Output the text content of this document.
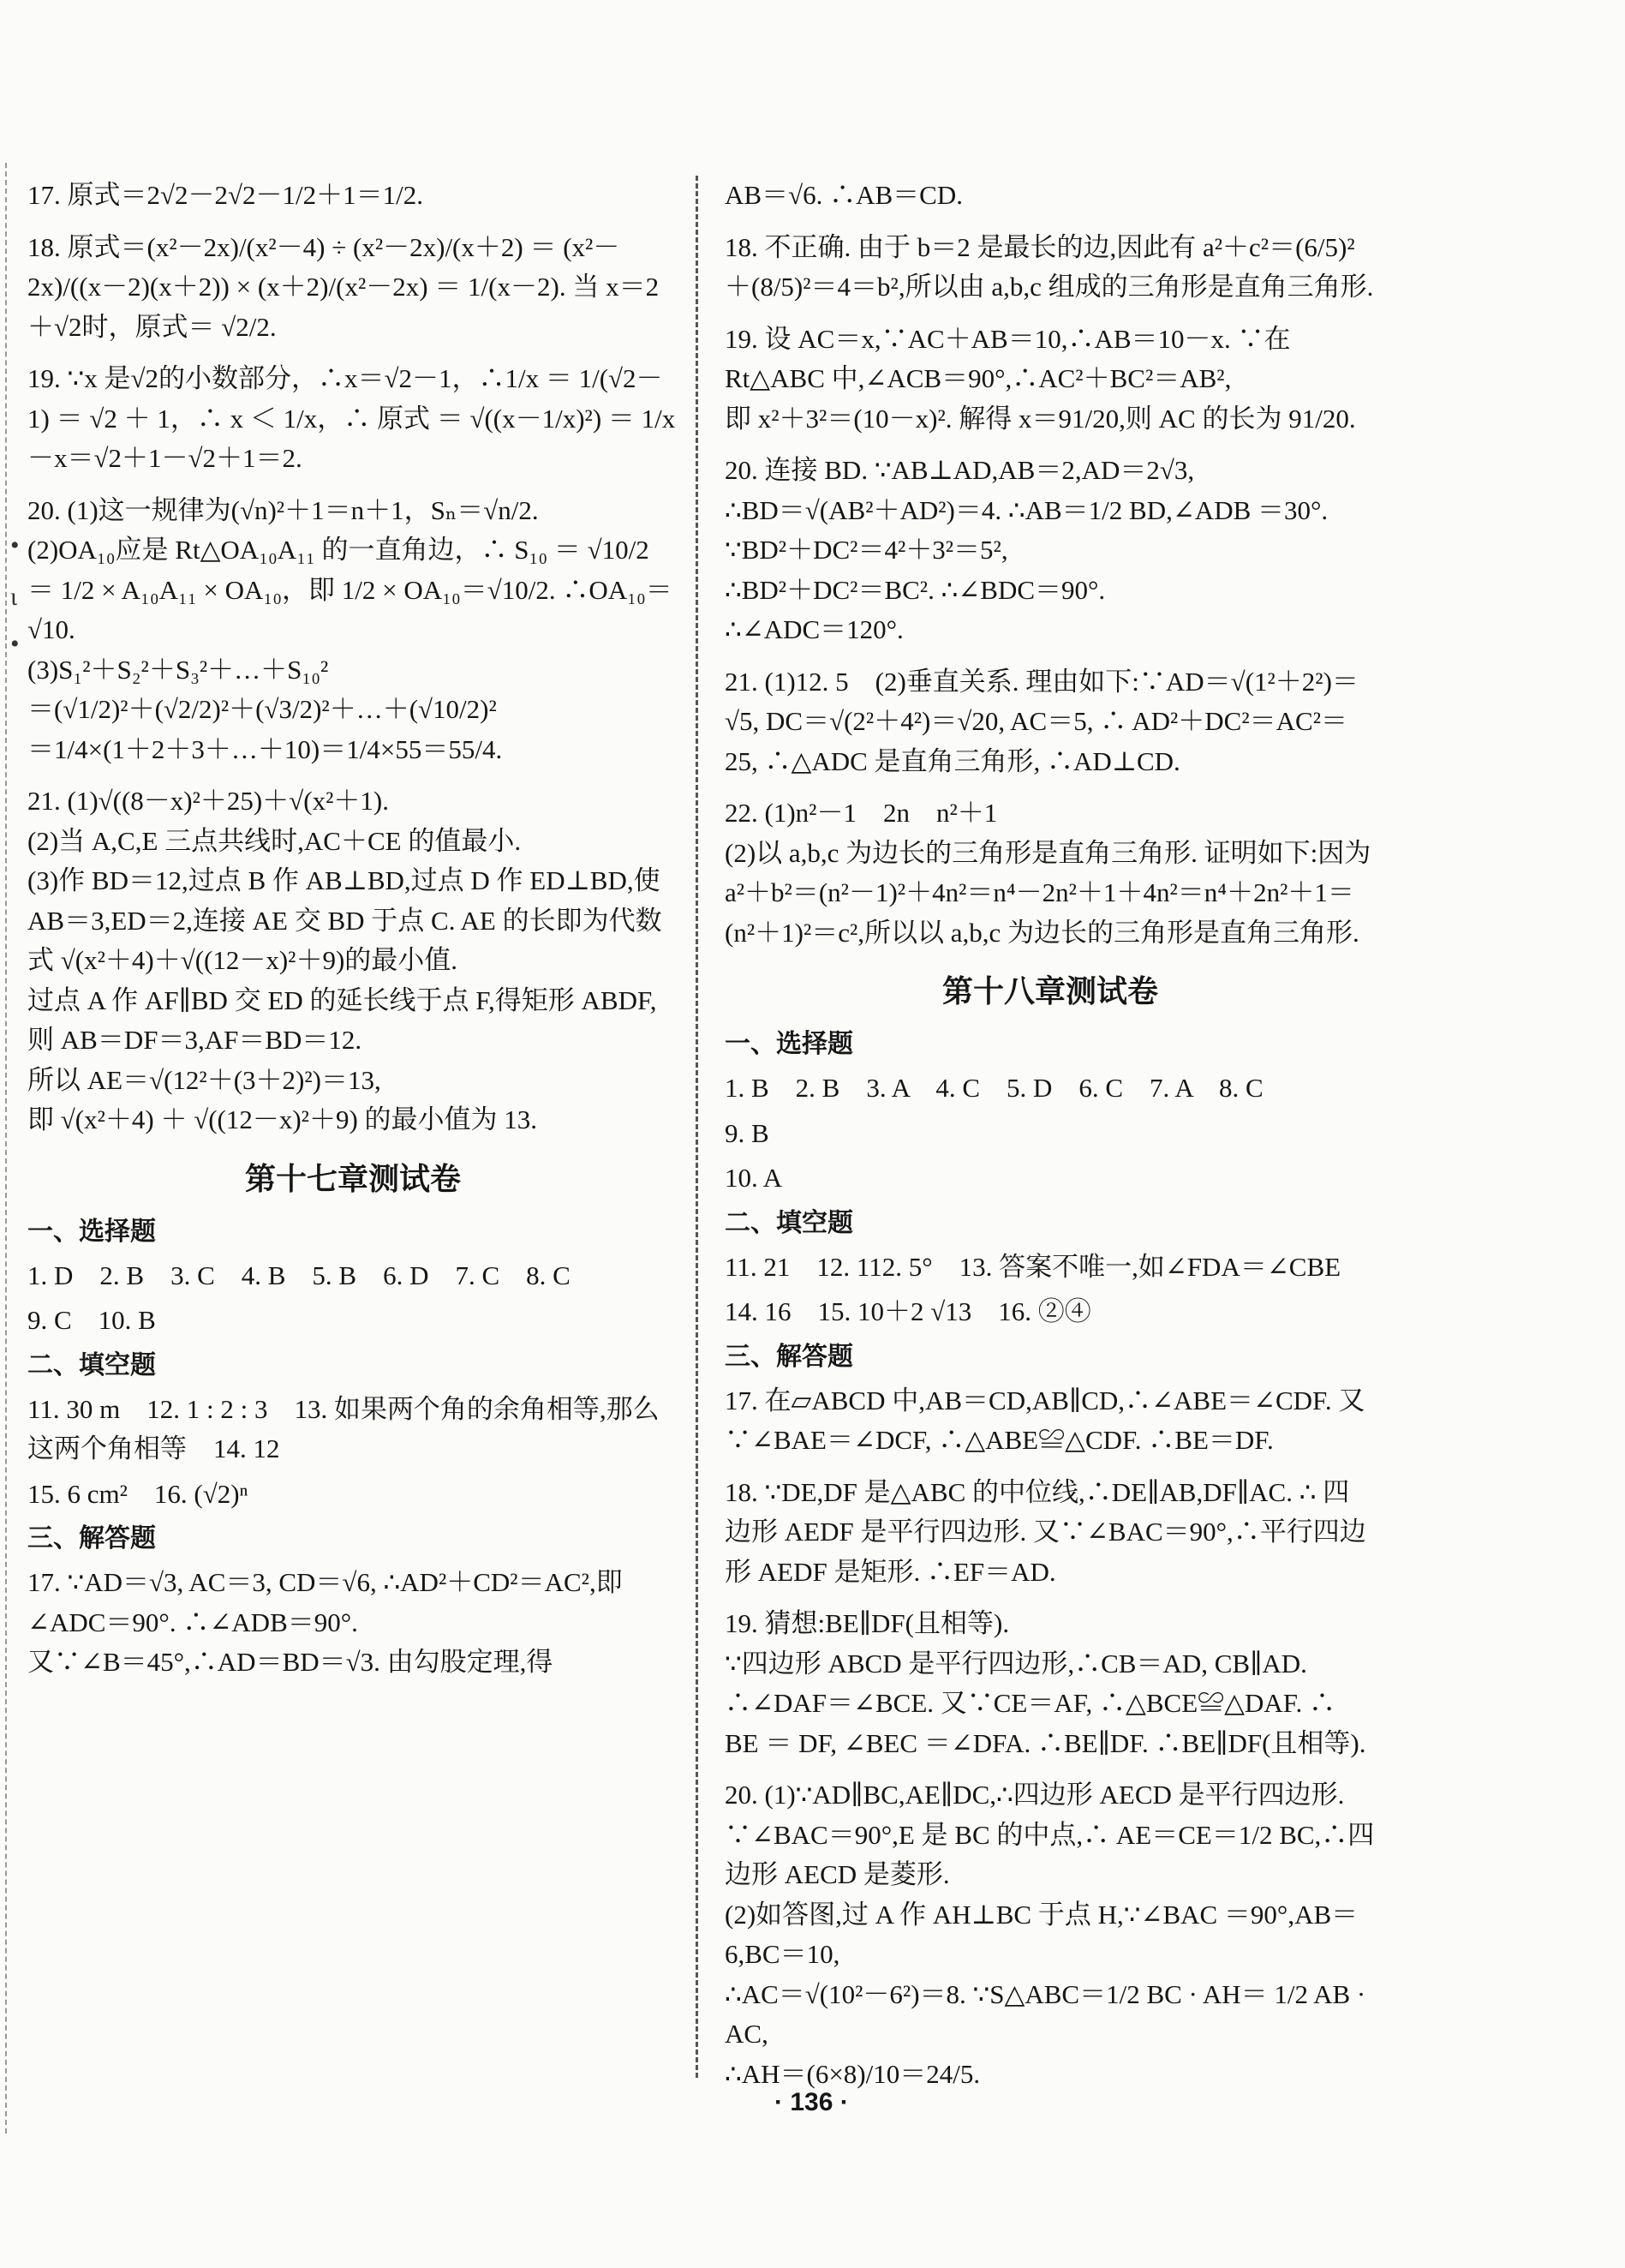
•
ɩ
•
17. 原式＝2√2－2√2－1/2＋1＝1/2.
18. 原式＝(x²－2x)/(x²－4) ÷ (x²－2x)/(x＋2) ＝ (x²－2x)/((x－2)(x＋2)) × (x＋2)/(x²－2x) ＝ 1/(x－2). 当 x＝2＋√2时，原式＝ √2/2.
19. ∵x 是√2的小数部分，∴x＝√2－1，∴1/x ＝ 1/(√2－1) ＝ √2 ＋ 1，∴ x ＜ 1/x，∴ 原式 ＝ √((x－1/x)²) ＝ 1/x －x＝√2＋1－√2＋1＝2.
20. (1)这一规律为(√n)²＋1＝n＋1，Sₙ＝√n/2.
(2)OA₁₀应是 Rt△OA₁₀A₁₁ 的一直角边，∴ S₁₀ ＝ √10/2 ＝ 1/2 × A₁₀A₁₁ × OA₁₀，即 1/2 × OA₁₀＝√10/2. ∴OA₁₀＝√10.
(3)S₁²＋S₂²＋S₃²＋…＋S₁₀²
＝(√1/2)²＋(√2/2)²＋(√3/2)²＋…＋(√10/2)²
＝1/4×(1＋2＋3＋…＋10)＝1/4×55＝55/4.
21. (1)√((8－x)²＋25)＋√(x²＋1).
(2)当 A,C,E 三点共线时,AC＋CE 的值最小.
(3)作 BD＝12,过点 B 作 AB⊥BD,过点 D 作 ED⊥BD,使 AB＝3,ED＝2,连接 AE 交 BD 于点 C. AE 的长即为代数式 √(x²＋4)＋√((12－x)²＋9)的最小值.
过点 A 作 AF∥BD 交 ED 的延长线于点 F,得矩形 ABDF,则 AB＝DF＝3,AF＝BD＝12.
所以 AE＝√(12²＋(3＋2)²)＝13,
即 √(x²＋4) ＋ √((12－x)²＋9) 的最小值为 13.
第十七章测试卷
一、选择题
1. D　2. B　3. C　4. B　5. B　6. D　7. C　8. C
9. C　10. B
二、填空题
11. 30 m　12. 1 : 2 : 3　13. 如果两个角的余角相等,那么这两个角相等　14. 12
15. 6 cm²　16. (√2)ⁿ
三、解答题
17. ∵AD＝√3, AC＝3, CD＝√6, ∴AD²＋CD²＝AC²,即∠ADC＝90°. ∴∠ADB＝90°.
又∵∠B＝45°,∴AD＝BD＝√3. 由勾股定理,得
AB＝√6. ∴AB＝CD.
18. 不正确. 由于 b＝2 是最长的边,因此有 a²＋c²＝(6/5)²＋(8/5)²＝4＝b²,所以由 a,b,c 组成的三角形是直角三角形.
19. 设 AC＝x,∵AC＋AB＝10,∴AB＝10－x. ∵在 Rt△ABC 中,∠ACB＝90°,∴AC²＋BC²＝AB²,
即 x²＋3²＝(10－x)². 解得 x＝91/20,则 AC 的长为 91/20.
20. 连接 BD. ∵AB⊥AD,AB＝2,AD＝2√3,
∴BD＝√(AB²＋AD²)＝4. ∴AB＝1/2 BD,∠ADB ＝30°. ∵BD²＋DC²＝4²＋3²＝5²,
∴BD²＋DC²＝BC². ∴∠BDC＝90°.
∴∠ADC＝120°.
21. (1)12. 5　(2)垂直关系. 理由如下:∵AD＝√(1²＋2²)＝√5, DC＝√(2²＋4²)＝√20, AC＝5, ∴ AD²＋DC²＝AC²＝25, ∴△ADC 是直角三角形, ∴AD⊥CD.
22. (1)n²－1　2n　n²＋1
(2)以 a,b,c 为边长的三角形是直角三角形. 证明如下:因为 a²＋b²＝(n²－1)²＋4n²＝n⁴－2n²＋1＋4n²＝n⁴＋2n²＋1＝(n²＋1)²＝c²,所以以 a,b,c 为边长的三角形是直角三角形.
第十八章测试卷
一、选择题
1. B　2. B　3. A　4. C　5. D　6. C　7. A　8. C
9. B
10. A
二、填空题
11. 21　12. 112. 5°　13. 答案不唯一,如∠FDA＝∠CBE
14. 16　15. 10＋2 √13　16. ②④
三、解答题
17. 在▱ABCD 中,AB＝CD,AB∥CD,∴∠ABE＝∠CDF. 又∵∠BAE＝∠DCF, ∴△ABE≌△CDF. ∴BE＝DF.
18. ∵DE,DF 是△ABC 的中位线,∴DE∥AB,DF∥AC. ∴ 四边形 AEDF 是平行四边形. 又∵∠BAC＝90°,∴平行四边形 AEDF 是矩形. ∴EF＝AD.
19. 猜想:BE∥DF(且相等).
∵四边形 ABCD 是平行四边形,∴CB＝AD, CB∥AD. ∴∠DAF＝∠BCE. 又∵CE＝AF, ∴△BCE≌△DAF. ∴ BE ＝ DF, ∠BEC ＝∠DFA. ∴BE∥DF. ∴BE∥DF(且相等).
20. (1)∵AD∥BC,AE∥DC,∴四边形 AECD 是平行四边形. ∵∠BAC＝90°,E 是 BC 的中点,∴ AE＝CE＝1/2 BC,∴四边形 AECD 是菱形.
(2)如答图,过 A 作 AH⊥BC 于点 H,∵∠BAC ＝90°,AB＝6,BC＝10,
∴AC＝√(10²－6²)＝8. ∵S△ABC＝1/2 BC · AH＝ 1/2 AB · AC,
∴AH＝(6×8)/10＝24/5.
· 136 ·
